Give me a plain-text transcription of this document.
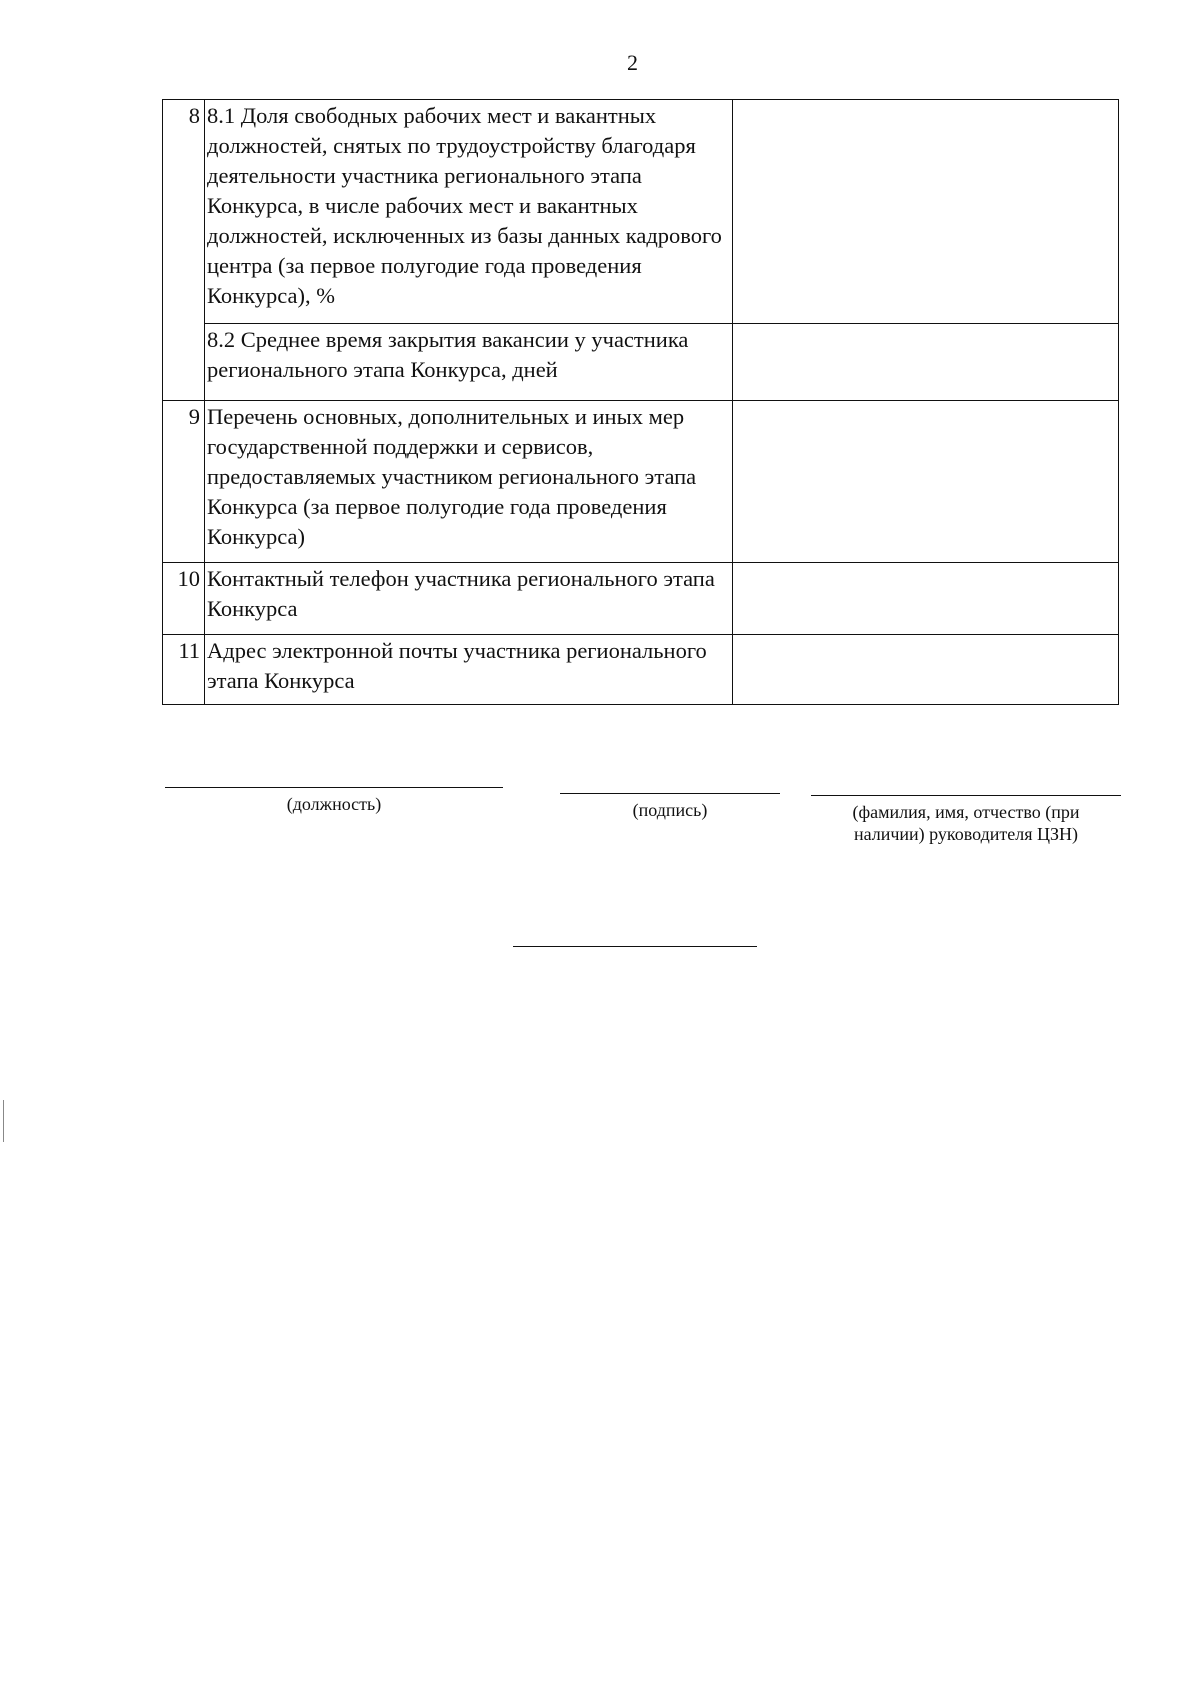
2
8	8.1 Доля свободных рабочих мест и вакантных должностей, снятых по трудоустройству благодаря деятельности участника регионального этапа Конкурса, в числе рабочих мест и вакантных должностей, исключенных из базы данных кадрового центра (за первое полугодие года проведения Конкурса), %	
	8.2 Среднее время закрытия вакансии у участника регионального этапа Конкурса, дней	
9	Перечень основных, дополнительных и иных мер государственной поддержки и сервисов, предоставляемых участником регионального этапа Конкурса (за первое полугодие года проведения Конкурса)	
10	Контактный телефон участника регионального этапа Конкурса	
11	Адрес электронной почты участника регионального этапа Конкурса	
(должность)	(подпись)	(фамилия, имя, отчество (при наличии) руководителя ЦЗН)
